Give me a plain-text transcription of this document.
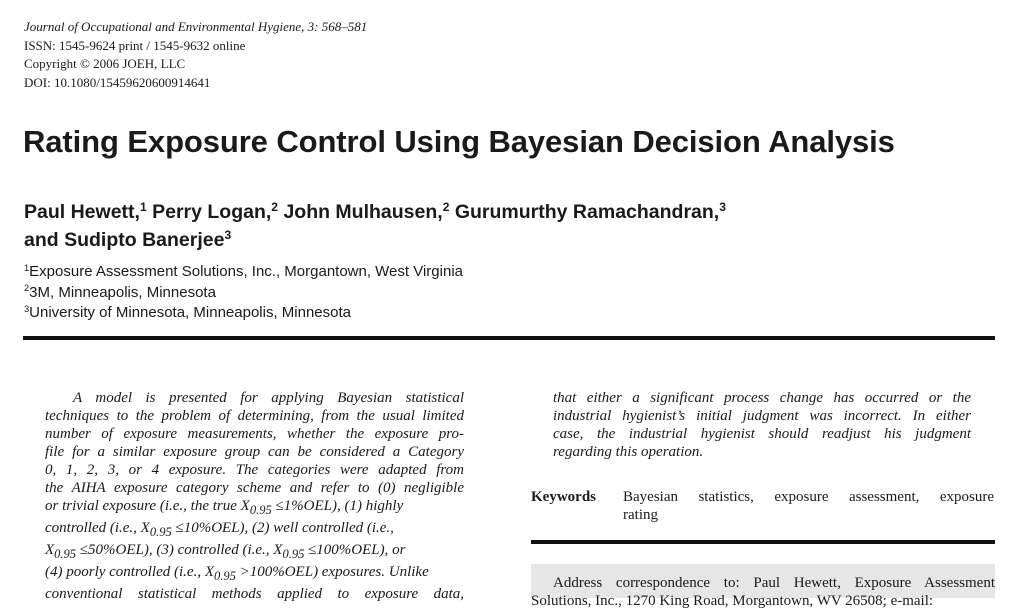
Journal of Occupational and Environmental Hygiene, 3: 568–581
ISSN: 1545-9624 print / 1545-9632 online
Copyright © 2006 JOEH, LLC
DOI: 10.1080/15459620600914641
Rating Exposure Control Using Bayesian Decision Analysis
Paul Hewett,$^1$ Perry Logan,$^2$ John Mulhausen,$^2$ Gurumurthy Ramachandran,$^3$
and Sudipto Banerjee$^3$
$^1$Exposure Assessment Solutions, Inc., Morgantown, West Virginia
$^2$3M, Minneapolis, Minnesota
$^3$University of Minnesota, Minneapolis, Minnesota
A model is presented for applying Bayesian statistical
techniques to the problem of determining, from the usual limited
number of exposure measurements, whether the exposure pro-
file for a similar exposure group can be considered a Category
0, 1, 2, 3, or 4 exposure. The categories were adapted from
the AIHA exposure category scheme and refer to (0) negligible
or trivial exposure (i.e., the true $X_{0.95} \le 1\%OEL$), (1) highly
controlled (i.e., $X_{0.95} \le 10\%OEL$), (2) well controlled (i.e.,
$X_{0.95} \le 50\%OEL$), (3) controlled (i.e., $X_{0.95} \le 100\%OEL$), or
(4) poorly controlled (i.e., $X_{0.95} >100\%OEL$) exposures. Unlike
conventional statistical methods applied to exposure data,
that either a significant process change has occurred or the
industrial hygienist’s initial judgment was incorrect. In either
case, the industrial hygienist should readjust his judgment
regarding this operation.
Keywords Bayesian statistics, exposure assessment, exposure
rating
Address correspondence to: Paul Hewett, Exposure Assessment
Solutions, Inc., 1270 King Road, Morgantown, WV 26508; e-mail:
